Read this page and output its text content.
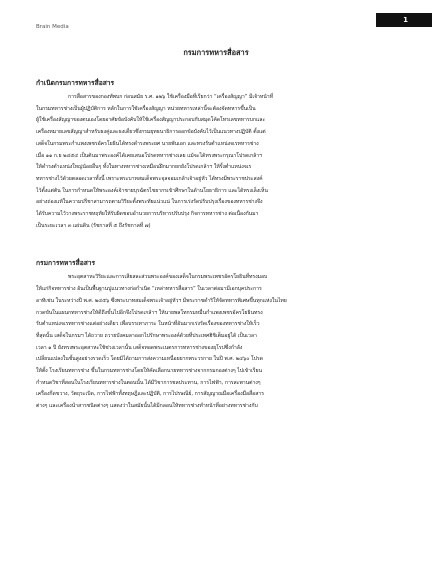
Brain Media
1
กรมการทหารสื่อสาร
กำเนิดกรมการทหารสื่อสาร

การสื่อสารของกองทัพบก ก่อนสมัย ร.ศ. ๑๒๖ ใช้เครื่องมือที่เรียกว่า “เครื่องสัญญา” มีเจ้าหน้าที่

ในกรมทหารช่างเป็นผู้ปฏิบัติการ หลักในการใช้เครื่องสัญญา หน่วยทหารเหล่านี้จะต้องจัดทหารขึ้นเป็น

ผู้ใช้เครื่องสัญญาของตนเองโดยอาศัยข้อบังคับให้ใช้เครื่องสัญญาประกอบกับสมุดโค้ดโทรเลขทหารบกและ

เครื่องหมายเลขสัญญาสำหรับธงคู่และธงเดี่ยวซึ่งกรมยุทธนาธิการออกข้อบังคับไว้เป็นแนวทางปฏิบัติ ตั้งแต่

เสด็จในกรมพระกำแพงเพชรอัครโยธินได้ทรงดำรงพระยศ นายพันเอก และทรงรับตำแหน่งจเรทหารช่าง

เมื่อ ๑๑ ก.ย ๒๔๕๔ เป็นต้นมาพระองค์ได้เคยเสนอโปรดทหารช่างเลย แม้จะได้ทรงพระกรุณาโปรดเกล้าฯ

ให้ดำรงตำแหน่งใหญ่น้อยอื่นๆ ทั้งในทางทหารช่างเหมือนฝึกมากยกยังโปรดเกล้าฯ ให้รั้งตำแหน่งจเร

ทหารช่างไว้ด้วยตลอดเวลาทั้งนี้ เพราะพระบาทสมเด็จพระจุลจอมเกล้าเจ้าอยู่หัว ได้ทรงมีพระราชประสงค์

ไว้ตั้งแต่ต้น ในการกำหนดให้พระองค์เจ้าชายบุรฉัตรไชยากรเข้าศึกษาในด้านโยธาธิการ และได้ทรงเล็งเห็น

อย่างถ่องแท้ในความปรีชาสามารถตามวิริยะตั้งพระทัยแน่วแน่ ในการเร่งรัดปรับปรุงเรื่องของทหารช่างจึง

ได้รับความไว้วางพระราชหฤทัยให้รับผิดชอบอำนวยการบริหารปรับปรุง กิจการทหารช่าง ต่อเนื่องกันมา

เป็นระยะเวลา ๓ แผ่นดิน (รัชกาลที่ ๕ ถึงรัชกาลที่ ๗)

กรมการทหารสื่อสาร

พระอุตสาหะวิริยะและการเสียสละส่วนพระองค์ของเสด็จในกรมพระเพชรอัครโยธินที่ทรงมอบ

ให้แก่กิจทหารช่าง อันเป็นพื้นฐานปูแนวทางก่อกำเนิด “เหล่าทหารสื่อสาร” ในเวลาต่อมามีเอกบุคประการ

อาทิเช่น ในระหว่างปี พ.ศ. ๒๔๕๖ ซึ่งพระบาทสมเด็จพระเจ้าอยู่หัวฯ มีพระราชดำริให้จัดทหารพิเศษขึ้นทุกแห่งในไทย

กวดขันในแผนกทหารช่างให้ดีถึงขั้นไปอีกจึงโปรดเกล้าฯ ให้นายพลโทกรมหมื่นกำแพงเพชรอัครโยธินทรง

รับตำแหน่งจเรทหารช่างแต่อย่างเดียว เพื่อบรรเทาภาระ ในหน้าที่อันมากเร่งรัดเรื่องของทหารช่างให้เร็ว

ที่สุดนั้น เสด็จในกรมฯ ได้ถวาย ถวายบังคมลาออกไปรักษาพระองค์ด้วยที่ประเทศฮิชิเต็มอยู่ได้ เป็นเวลา

เวลา ๑ ปี ยังทรงพระอุตสาหะใช้ช่วงเวลานั้น เสด็จทอดพระเนตรการทหารช่างของยุโรปซึ่งกำลัง

เปลี่ยนแปลงในชั้นสูงอย่างรวดเร็ว โดยมิได้ถามการส่งความเหนื่อยยากพระวรกาย ในปี พ.ศ. ๒๔๖๐ โปรด

ให้ตั้ง โรงเรียนทหารช่าง ขึ้นในกรมทหารช่างโดยให้คัดเลือกนายทหารช่างจากกรมกองต่างๆ ไปเข้าเรียน

กำหนดวิชาที่สอนในโรงเรียนทหารช่างในตอนนั้น ได้มีวิชาการชลประทาน, การไฟฟ้า, การสะพานต่างๆ

เครื่องกีดขวาง, วัตถุระเบิด, การไฟฟ้าทั้งทฤษฎีและปฏิบัติ, การไปรษณีย์, การสัญญาณมือเครื่องมือสื่อสาร

ต่างๆ และเครื่องนำสารชนิดต่างๆ แสดงว่าในสมัยนั้นได้มีกลอนให้ทหารช่างทำหน้าที่อย่างทหารช่างกับ
